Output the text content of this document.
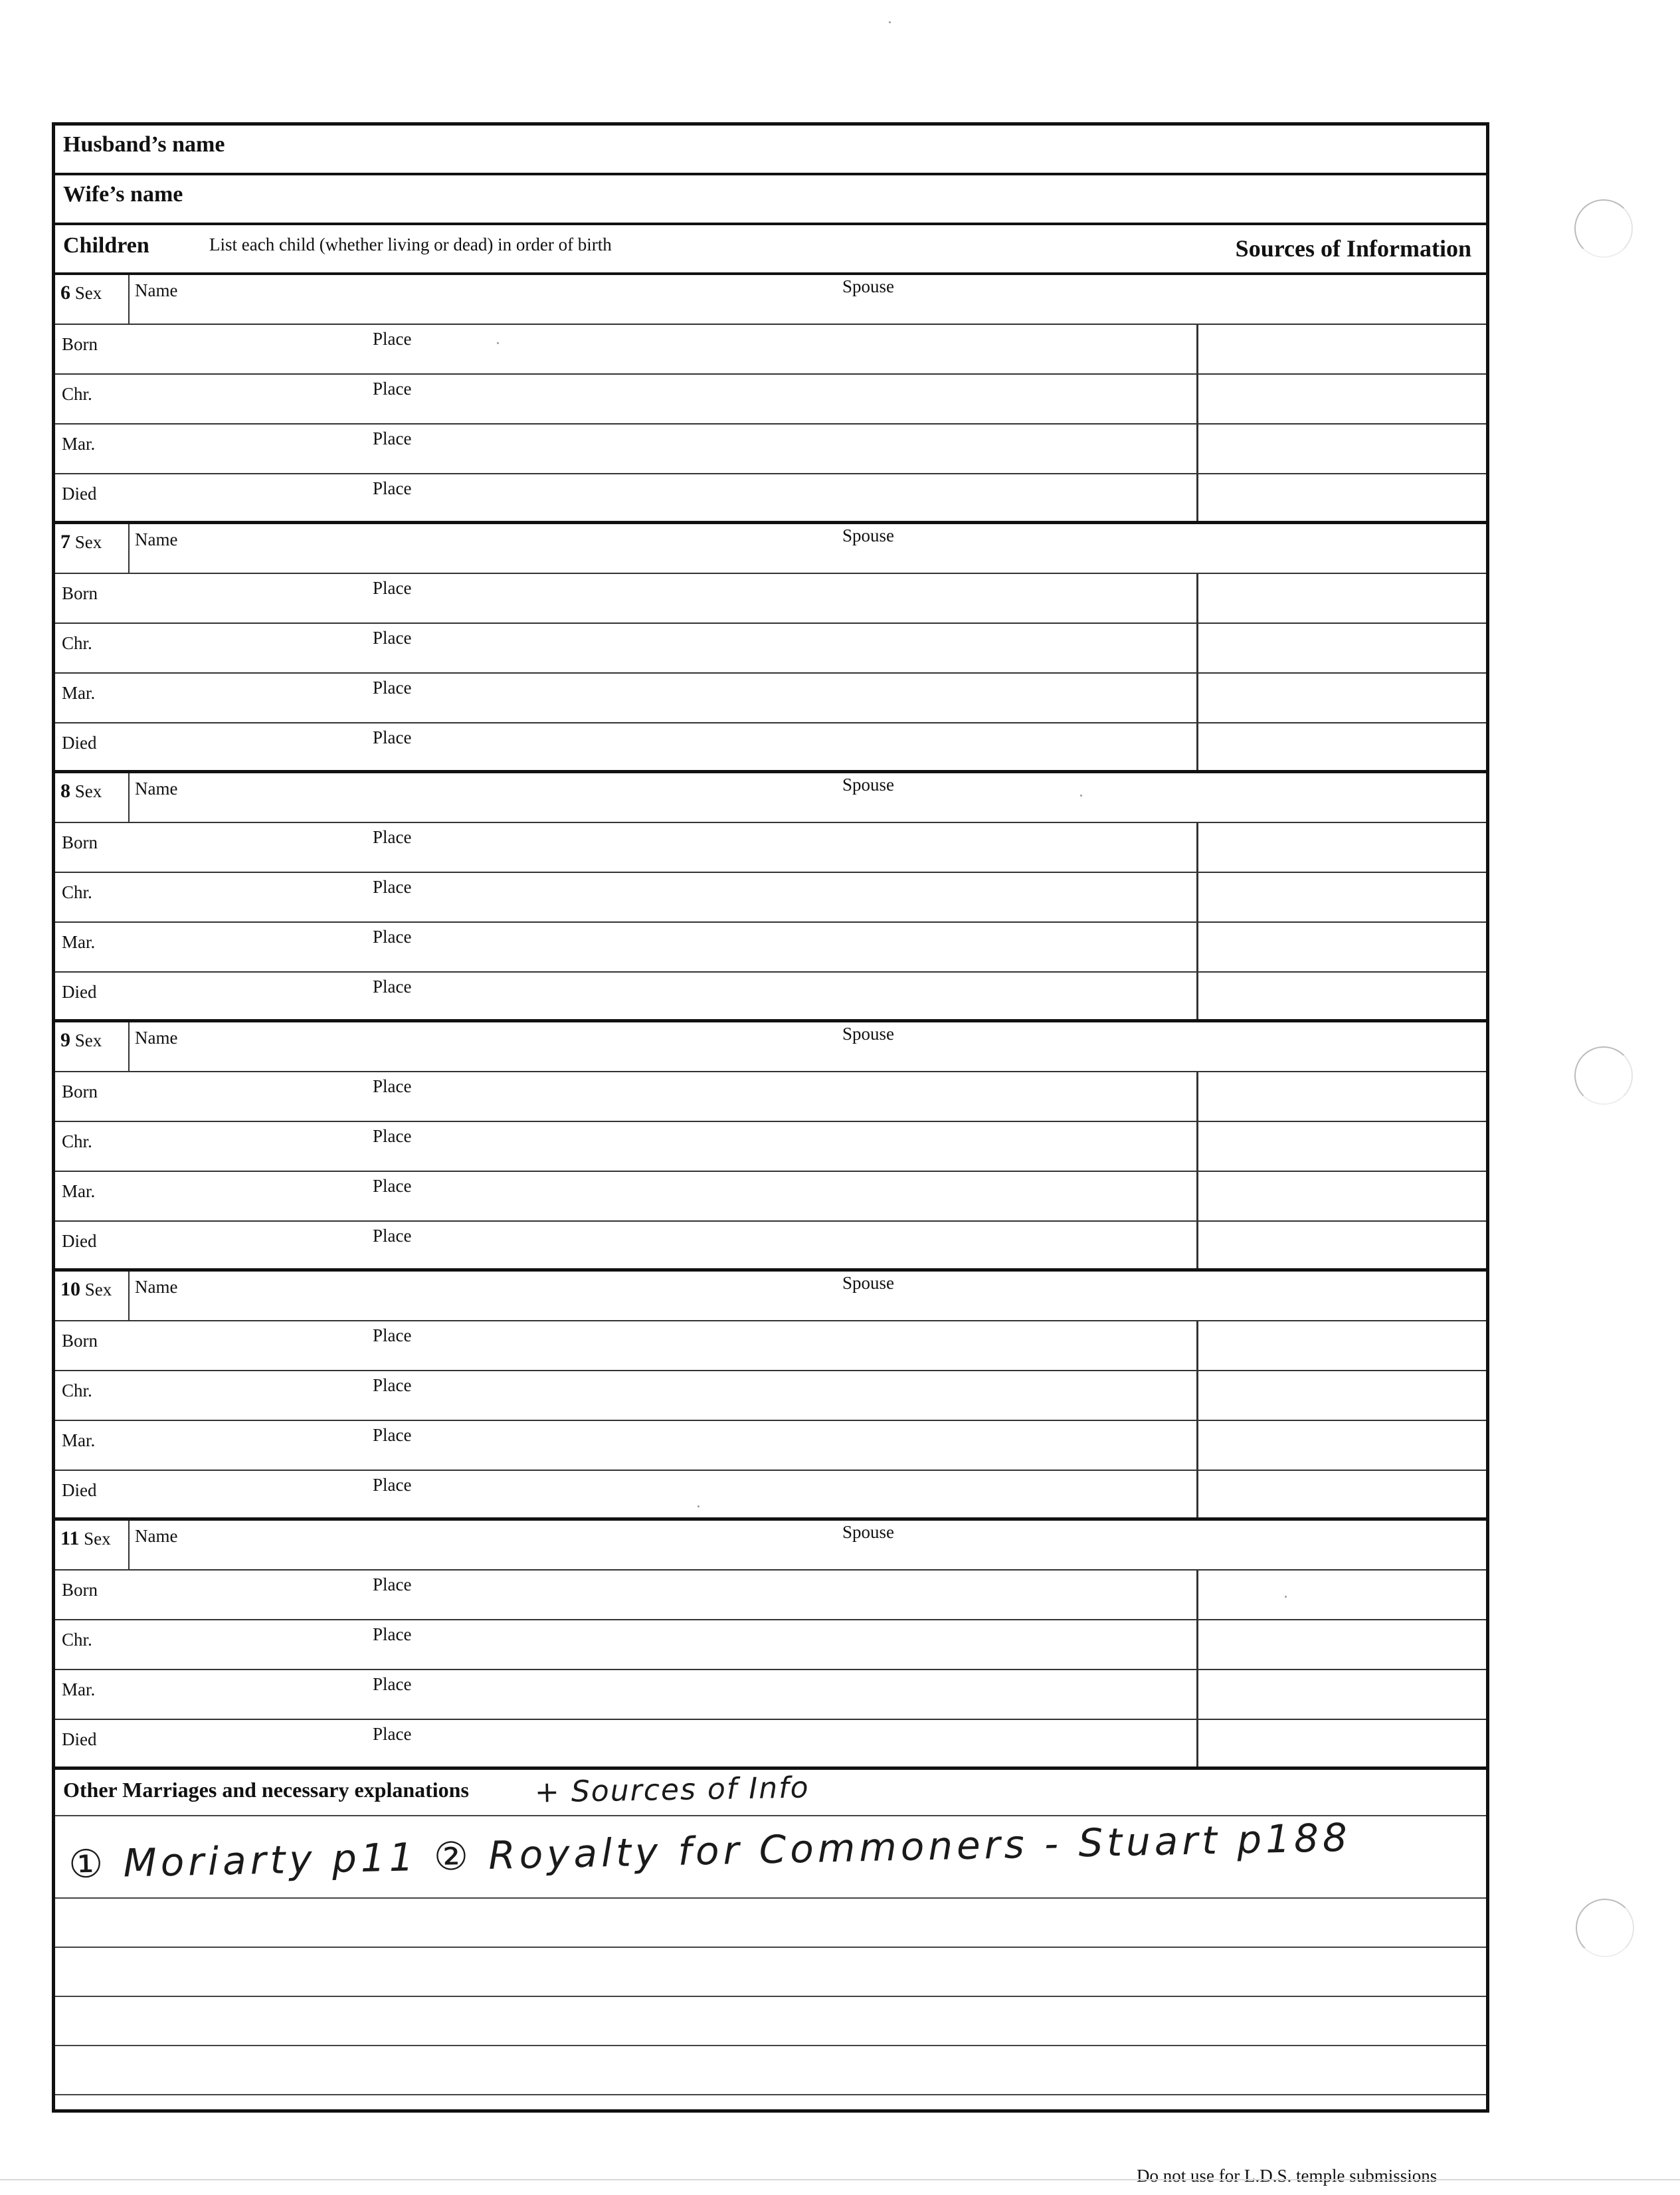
Husband’s name
Wife’s name
Children	List each child (whether living or dead) in order of birth	Sources of Information
6 Sex	Name	Spouse
Born	Place
Chr.	Place
Mar.	Place
Died	Place
7 Sex	Name	Spouse
Born	Place
Chr.	Place
Mar.	Place
Died	Place
8 Sex	Name	Spouse
Born	Place
Chr.	Place
Mar.	Place
Died	Place
9 Sex	Name	Spouse
Born	Place
Chr.	Place
Mar.	Place
Died	Place
10 Sex	Name	Spouse
Born	Place
Chr.	Place
Mar.	Place
Died	Place
11 Sex	Name	Spouse
Born	Place
Chr.	Place
Mar.	Place
Died	Place
Other Marriages and necessary explanations + Sources of Info
① Moriarty p11 ② Royalty for Commoners - Stuart p188
Do not use for L.D.S. temple submissions
